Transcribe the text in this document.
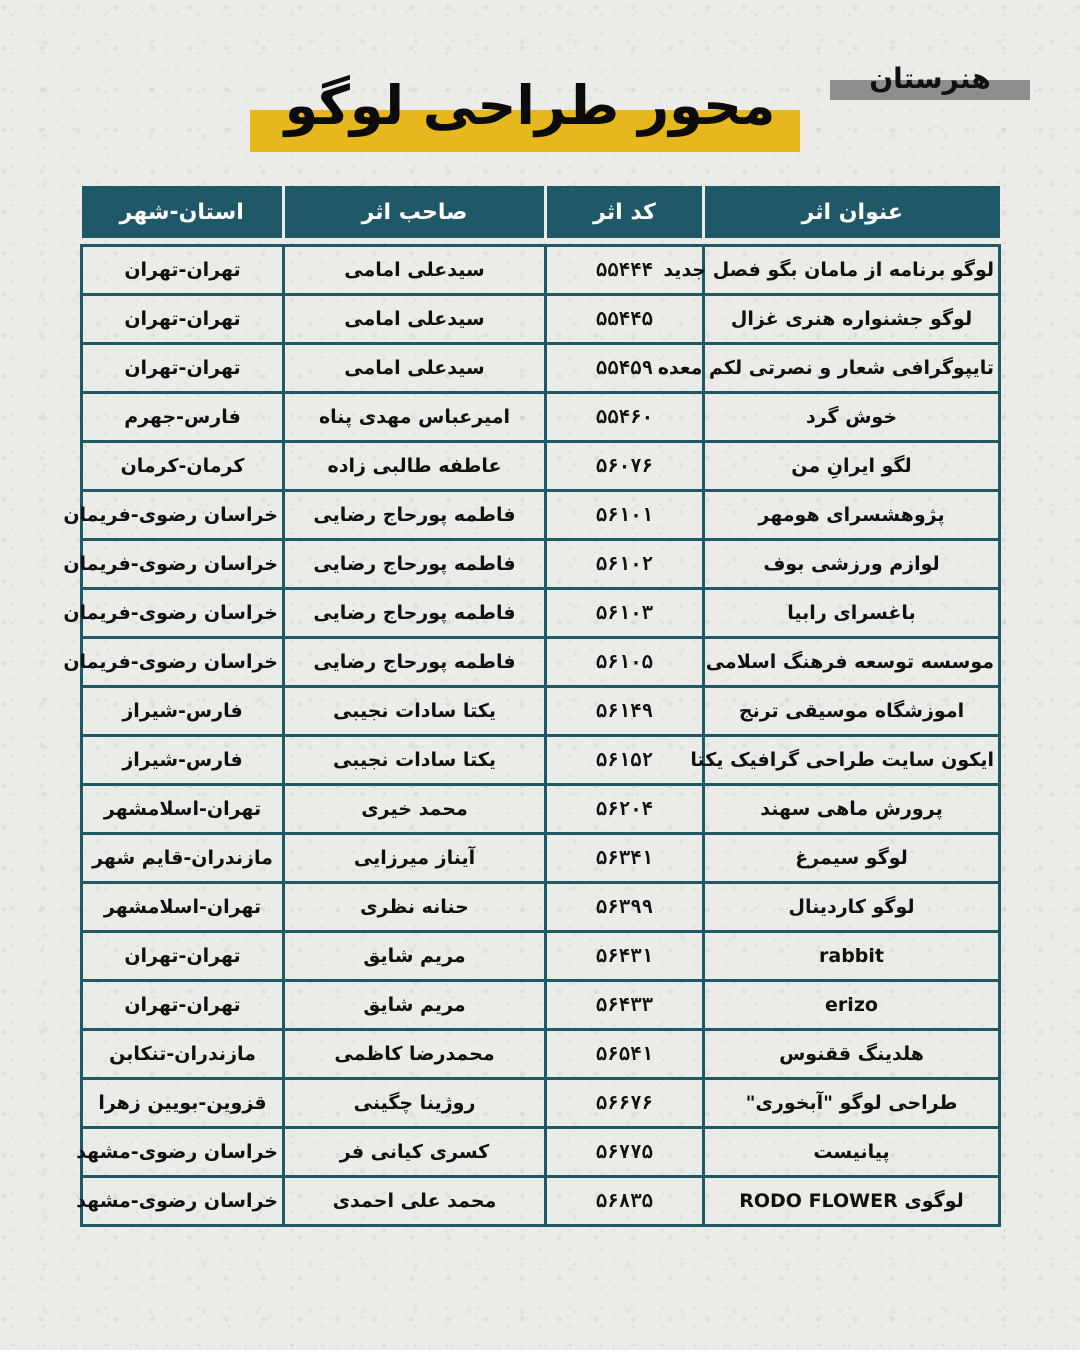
هنرستان
محور طراحی لوگو
عنوان اثر	کد اثر	صاحب اثر	استان-شهر

لوگو برنامه از مامان بگو فصل جدید	۵۵۴۴۴	سیدعلی امامی	تهران-تهران
لوگو جشنواره هنری غزال	۵۵۴۴۵	سیدعلی امامی	تهران-تهران
تایپوگرافی شعار و نصرتی لکم معده	۵۵۴۵۹	سیدعلی امامی	تهران-تهران
خوش گرد	۵۵۴۶۰	امیرعباس مهدی پناه	فارس-جهرم
لگو ایرانِ من	۵۶۰۷۶	عاطفه طالبی زاده	کرمان-کرمان
پژوهشسرای هومهر	۵۶۱۰۱	فاطمه پورحاج رضایی	خراسان رضوی-فریمان
لوازم ورزشی بوف	۵۶۱۰۲	فاطمه پورحاج رضایی	خراسان رضوی-فریمان
باغسرای رابیا	۵۶۱۰۳	فاطمه پورحاج رضایی	خراسان رضوی-فریمان
موسسه توسعه فرهنگ اسلامی	۵۶۱۰۵	فاطمه پورحاج رضایی	خراسان رضوی-فریمان
اموزشگاه موسیقی ترنج	۵۶۱۴۹	یکتا سادات نجیبی	فارس-شیراز
ایکون سایت طراحی گرافیک یکتا	۵۶۱۵۲	یکتا سادات نجیبی	فارس-شیراز
پرورش ماهی سهند	۵۶۲۰۴	محمد خیری	تهران-اسلامشهر
لوگو سیمرغ	۵۶۳۴۱	آیناز میرزایی	مازندران-قایم شهر
لوگو کاردینال	۵۶۳۹۹	حنانه نظری	تهران-اسلامشهر
rabbit	۵۶۴۳۱	مریم شایق	تهران-تهران
erizo	۵۶۴۳۳	مریم شایق	تهران-تهران
هلدینگ ققنوس	۵۶۵۴۱	محمدرضا کاظمی	مازندران-تنکابن
طراحی لوگو "آبخوری"	۵۶۶۷۶	روژینا چگینی	قزوین-بویین زهرا
پیانیست	۵۶۷۷۵	کسری کیانی فر	خراسان رضوی-مشهد
لوگوی RODO FLOWER	۵۶۸۳۵	محمد علی احمدی	خراسان رضوی-مشهد
